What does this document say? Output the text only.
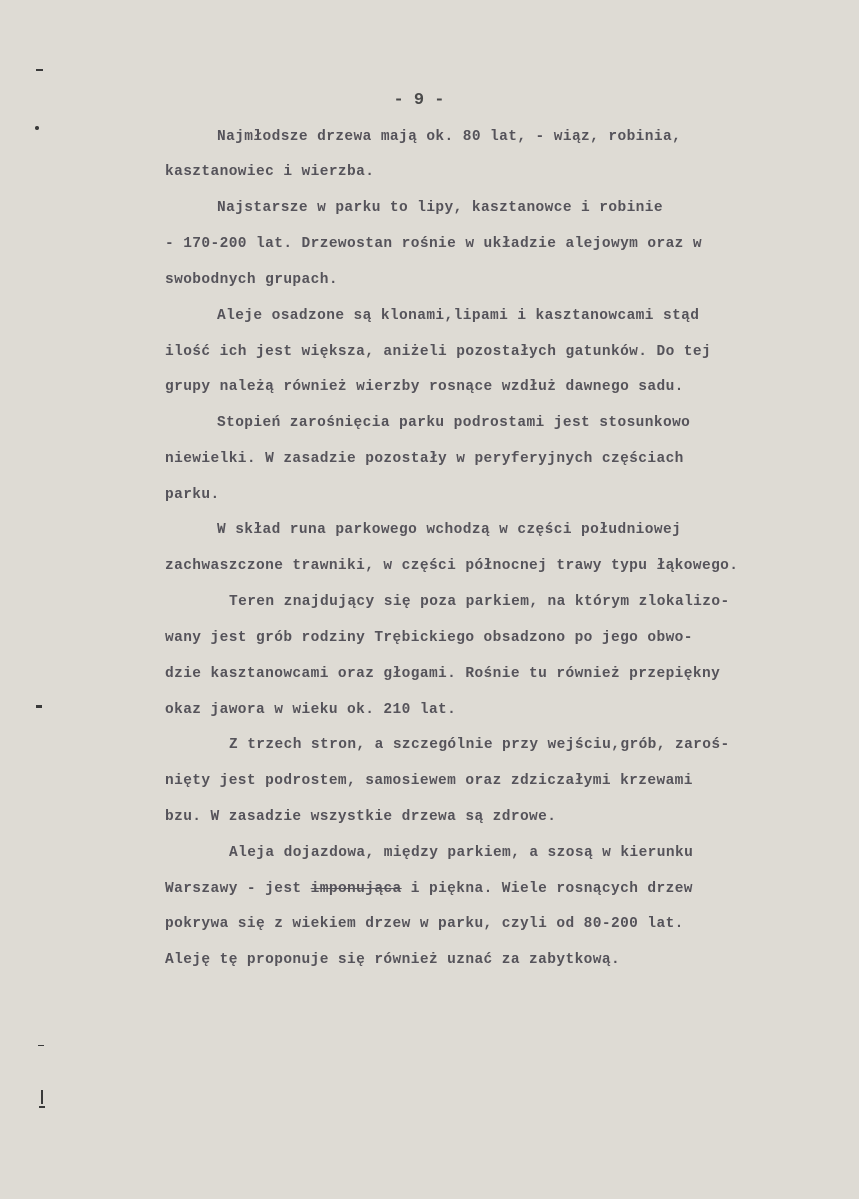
- 9 -
Najmłodsze drzewa mają ok. 80 lat, - wiąz, robinia,
kasztanowiec i wierzba.
Najstarsze w parku to lipy, kasztanowce i robinie
- 170-200 lat. Drzewostan rośnie w układzie alejowym oraz w
swobodnych grupach.
Aleje osadzone są klonami,lipami i kasztanowcami stąd
ilość ich jest większa, aniżeli pozostałych gatunków. Do tej
grupy należą również wierzby rosnące wzdłuż dawnego sadu.
Stopień zarośnięcia parku podrostami jest stosunkowo
niewielki. W zasadzie pozostały w peryferyjnych częściach
parku.
W skład runa parkowego wchodzą w części południowej
zachwaszczone trawniki, w części północnej trawy typu łąkowego.
Teren znajdujący się poza parkiem, na którym zlokalizo-
wany jest grób rodziny Trębickiego obsadzono po jego obwo-
dzie kasztanowcami oraz głogami. Rośnie tu również przepiękny
okaz jawora w wieku ok. 210 lat.
Z trzech stron, a szczególnie przy wejściu,grób, zaroś-
nięty jest podrostem, samosiewem oraz zdziczałymi krzewami
bzu. W zasadzie wszystkie drzewa są zdrowe.
Aleja dojazdowa, między parkiem, a szosą w kierunku
Warszawy - jest imponująca i piękna. Wiele rosnących drzew
pokrywa się z wiekiem drzew w parku, czyli od 80-200 lat.
Aleję tę proponuje się również uznać za zabytkową.
